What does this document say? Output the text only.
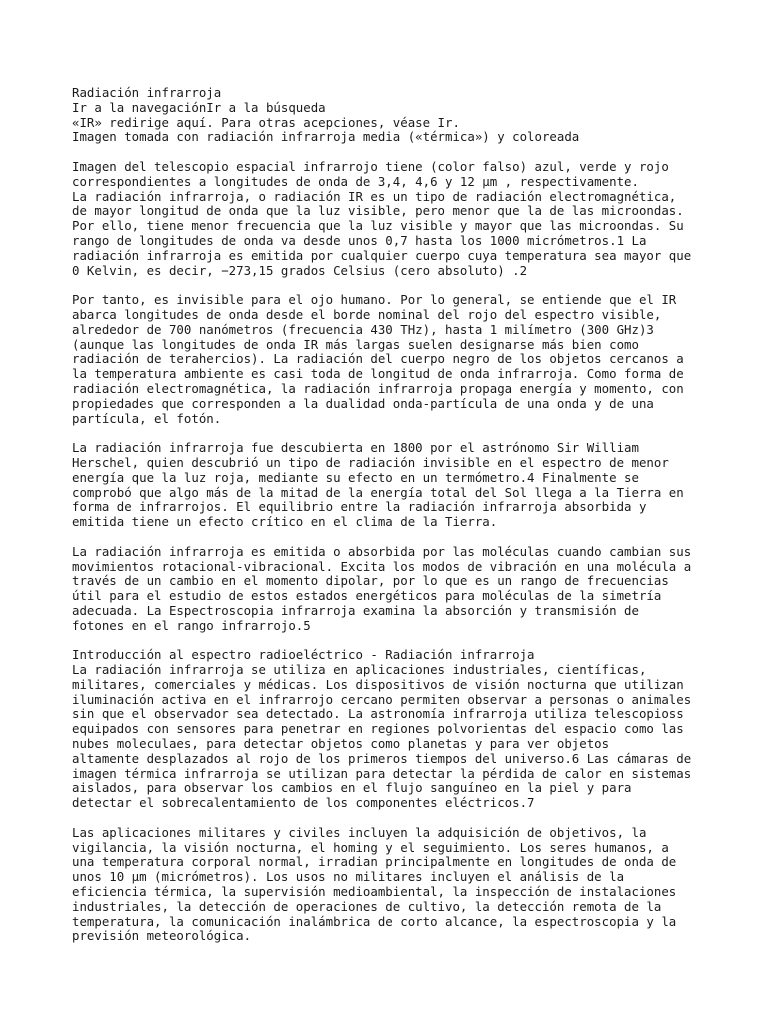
Radiación infrarroja
Ir a la navegaciónIr a la búsqueda
«IR» redirige aquí. Para otras acepciones, véase Ir.
Imagen tomada con radiación infrarroja media («térmica») y coloreada
Imagen del telescopio espacial infrarrojo tiene (color falso) azul, verde y rojo
correspondientes a longitudes de onda de 3,4, 4,6 y 12 µm , respectivamente.
La radiación infrarroja, o radiación IR es un tipo de radiación electromagnética,
de mayor longitud de onda que la luz visible, pero menor que la de las microondas.
Por ello, tiene menor frecuencia que la luz visible y mayor que las microondas. Su
rango de longitudes de onda va desde unos 0,7 hasta los 1000 micrómetros.1 La
radiación infrarroja es emitida por cualquier cuerpo cuya temperatura sea mayor que
0 Kelvin, es decir, −273,15 grados Celsius (cero absoluto) .2
Por tanto, es invisible para el ojo humano. Por lo general, se entiende que el IR
abarca longitudes de onda desde el borde nominal del rojo del espectro visible,
alrededor de 700 nanómetros (frecuencia 430 THz), hasta 1 milímetro (300 GHz)3
(aunque las longitudes de onda IR más largas suelen designarse más bien como
radiación de terahercios). La radiación del cuerpo negro de los objetos cercanos a
la temperatura ambiente es casi toda de longitud de onda infrarroja. Como forma de
radiación electromagnética, la radiación infrarroja propaga energía y momento, con
propiedades que corresponden a la dualidad onda-partícula de una onda y de una
partícula, el fotón.
La radiación infrarroja fue descubierta en 1800 por el astrónomo Sir William
Herschel, quien descubrió un tipo de radiación invisible en el espectro de menor
energía que la luz roja, mediante su efecto en un termómetro.4 Finalmente se
comprobó que algo más de la mitad de la energía total del Sol llega a la Tierra en
forma de infrarrojos. El equilibrio entre la radiación infrarroja absorbida y
emitida tiene un efecto crítico en el clima de la Tierra.
La radiación infrarroja es emitida o absorbida por las moléculas cuando cambian sus
movimientos rotacional-vibracional. Excita los modos de vibración en una molécula a
través de un cambio en el momento dipolar, por lo que es un rango de frecuencias
útil para el estudio de estos estados energéticos para moléculas de la simetría
adecuada. La Espectroscopia infrarroja examina la absorción y transmisión de
fotones en el rango infrarrojo.5
Introducción al espectro radioeléctrico - Radiación infrarroja
La radiación infrarroja se utiliza en aplicaciones industriales, científicas,
militares, comerciales y médicas. Los dispositivos de visión nocturna que utilizan
iluminación activa en el infrarrojo cercano permiten observar a personas o animales
sin que el observador sea detectado. La astronomía infrarroja utiliza telescopioss
equipados con sensores para penetrar en regiones polvorientas del espacio como las
nubes moleculaes, para detectar objetos como planetas y para ver objetos
altamente desplazados al rojo de los primeros tiempos del universo.6 Las cámaras de
imagen térmica infrarroja se utilizan para detectar la pérdida de calor en sistemas
aislados, para observar los cambios en el flujo sanguíneo en la piel y para
detectar el sobrecalentamiento de los componentes eléctricos.7
Las aplicaciones militares y civiles incluyen la adquisición de objetivos, la
vigilancia, la visión nocturna, el homing y el seguimiento. Los seres humanos, a
una temperatura corporal normal, irradian principalmente en longitudes de onda de
unos 10 µm (micrómetros). Los usos no militares incluyen el análisis de la
eficiencia térmica, la supervisión medioambiental, la inspección de instalaciones
industriales, la detección de operaciones de cultivo, la detección remota de la
temperatura, la comunicación inalámbrica de corto alcance, la espectroscopia y la
previsión meteorológica.
